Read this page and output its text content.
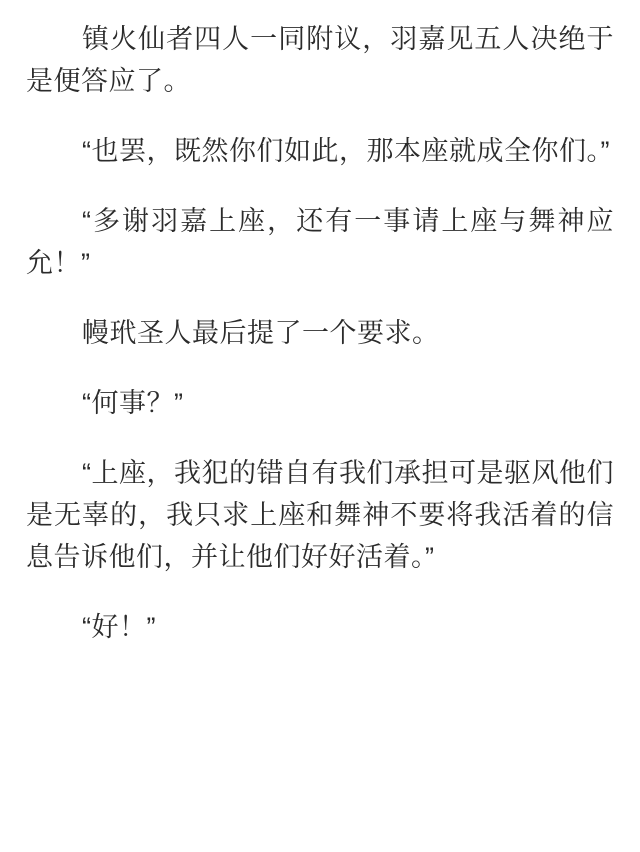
镇火仙者四人一同附议，羽嘉见五人决绝于是便答应了。

“也罢，既然你们如此，那本座就成全你们。”

“多谢羽嘉上座，还有一事请上座与舞神应允！”

幔玳圣人最后提了一个要求。

“何事？”

“上座，我犯的错自有我们承担可是驱风他们是无辜的，我只求上座和舞神不要将我活着的信息告诉他们，并让他们好好活着。”

“好！”
